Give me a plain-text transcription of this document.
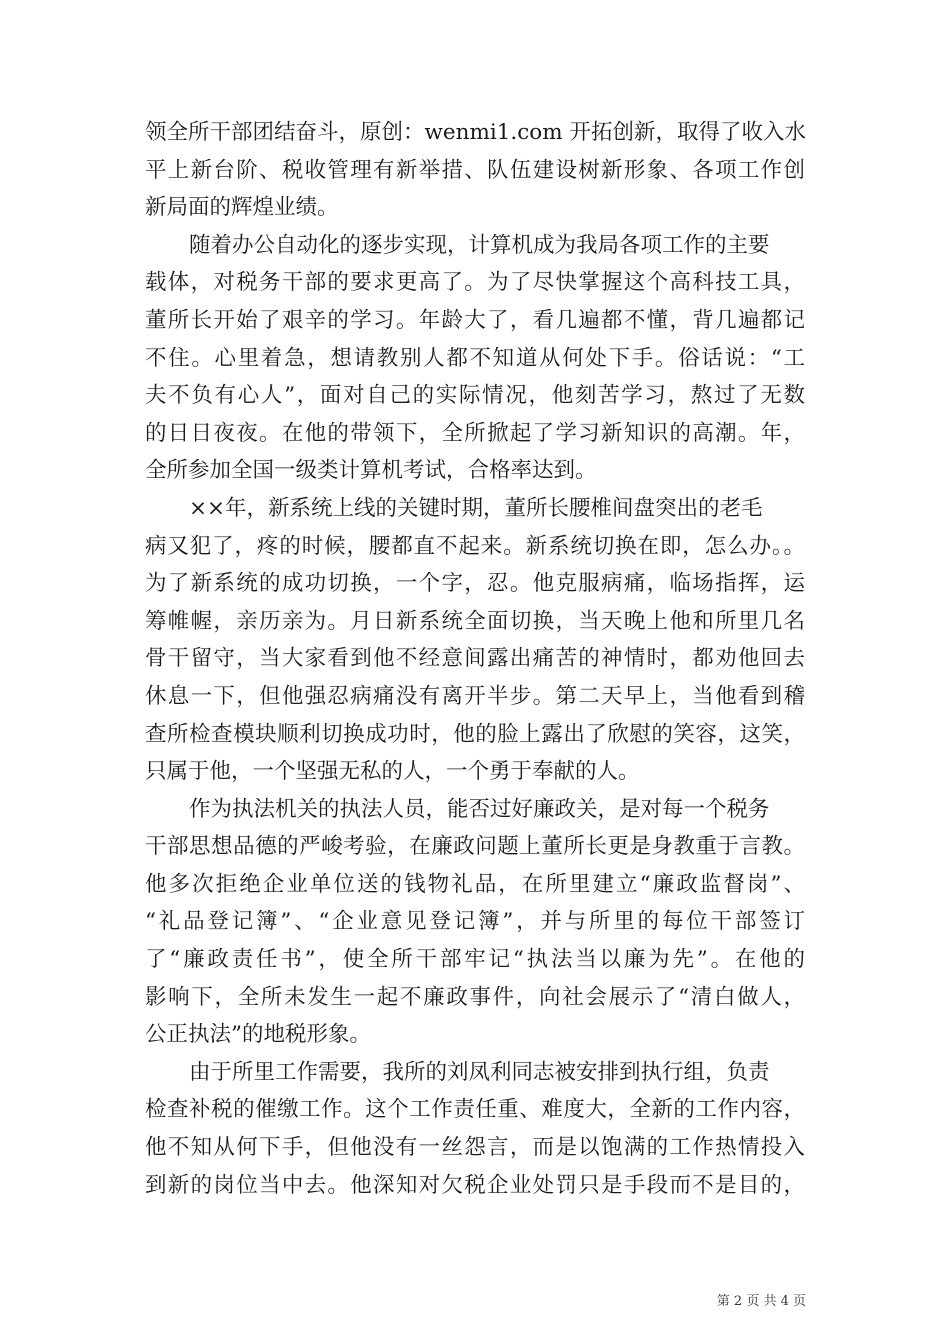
领全所干部团结奋斗，原创：wenmi1.com 开拓创新，取得了收入水
平上新台阶、税收管理有新举措、队伍建设树新形象、各项工作创
新局面的辉煌业绩。
随着办公自动化的逐步实现，计算机成为我局各项工作的主要
载体，对税务干部的要求更高了。为了尽快掌握这个高科技工具，
董所长开始了艰辛的学习。年龄大了，看几遍都不懂，背几遍都记
不住。心里着急，想请教别人都不知道从何处下手。俗话说：“工
夫不负有心人”，面对自己的实际情况，他刻苦学习，熬过了无数
的日日夜夜。在他的带领下，全所掀起了学习新知识的高潮。年，
全所参加全国一级类计算机考试，合格率达到。
××年，新系统上线的关键时期，董所长腰椎间盘突出的老毛
病又犯了，疼的时候，腰都直不起来。新系统切换在即，怎么办。。
为了新系统的成功切换，一个字，忍。他克服病痛，临场指挥，运
筹帷幄，亲历亲为。月日新系统全面切换，当天晚上他和所里几名
骨干留守，当大家看到他不经意间露出痛苦的神情时，都劝他回去
休息一下，但他强忍病痛没有离开半步。第二天早上，当他看到稽
查所检查模块顺利切换成功时，他的脸上露出了欣慰的笑容，这笑，
只属于他，一个坚强无私的人，一个勇于奉献的人。
作为执法机关的执法人员，能否过好廉政关，是对每一个税务
干部思想品德的严峻考验，在廉政问题上董所长更是身教重于言教。
他多次拒绝企业单位送的钱物礼品，在所里建立“廉政监督岗”、
“礼品登记簿”、“企业意见登记簿”，并与所里的每位干部签订
了“廉政责任书”，使全所干部牢记“执法当以廉为先”。在他的
影响下，全所未发生一起不廉政事件，向社会展示了“清白做人，
公正执法”的地税形象。
由于所里工作需要，我所的刘凤利同志被安排到执行组，负责
检查补税的催缴工作。这个工作责任重、难度大，全新的工作内容，
他不知从何下手，但他没有一丝怨言，而是以饱满的工作热情投入
到新的岗位当中去。他深知对欠税企业处罚只是手段而不是目的，
第 2 页 共 4 页
